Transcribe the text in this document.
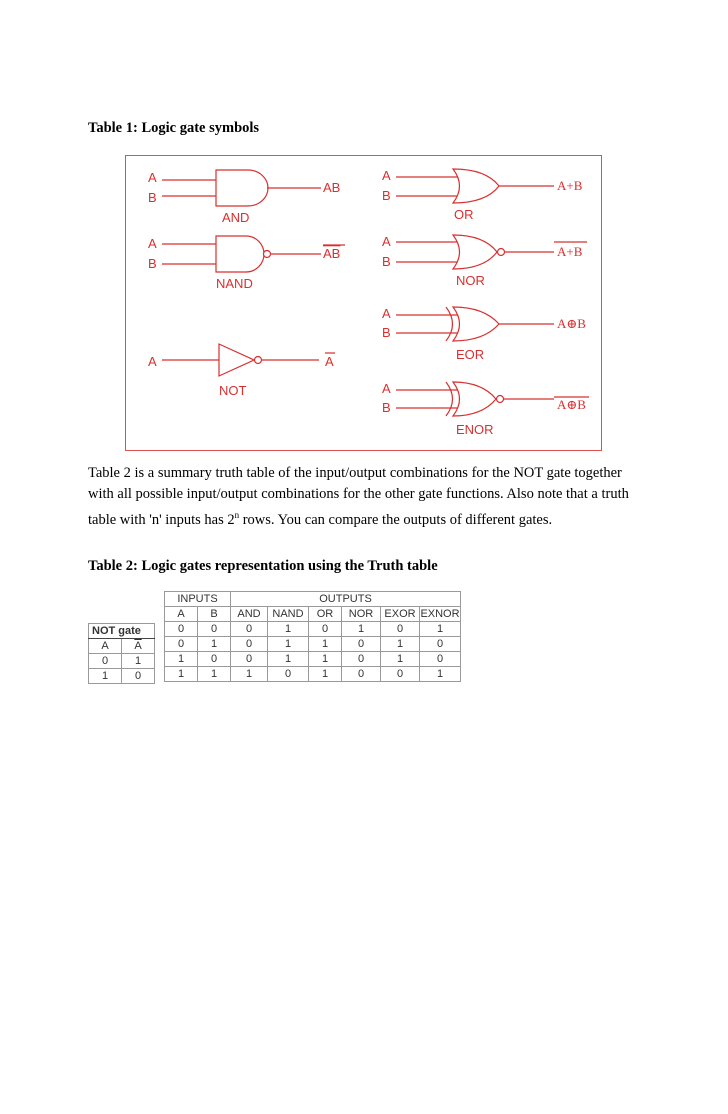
Table 1: Logic gate symbols
A
B
AB
AND
A
B
AB
NAND
A	A
NOT
A
B
A+B
OR
A
B
A+B
NOR
A
B
A⊕B
EOR
A
B	A⊕B
ENOR
Table 2 is a summary truth table of the input/output combinations for the NOT gate together with all possible input/output combinations for the other gate functions. Also note that a truth table with 'n' inputs has 2$^n$ rows. You can compare the outputs of different gates.
Table 2: Logic gates representation using the Truth table
NOT gate	
A	$\overline{A}$
0	1
1	0
INPUTS		OUTPUTS					
A	B	AND	NAND	OR	NOR	EXOR	EXNOR
0	0	0	1	0	1	0	1
0	1	0	1	1	0	1	0
1	0	0	1	1	0	1	0
1	1	1	0	1	0	0	1
